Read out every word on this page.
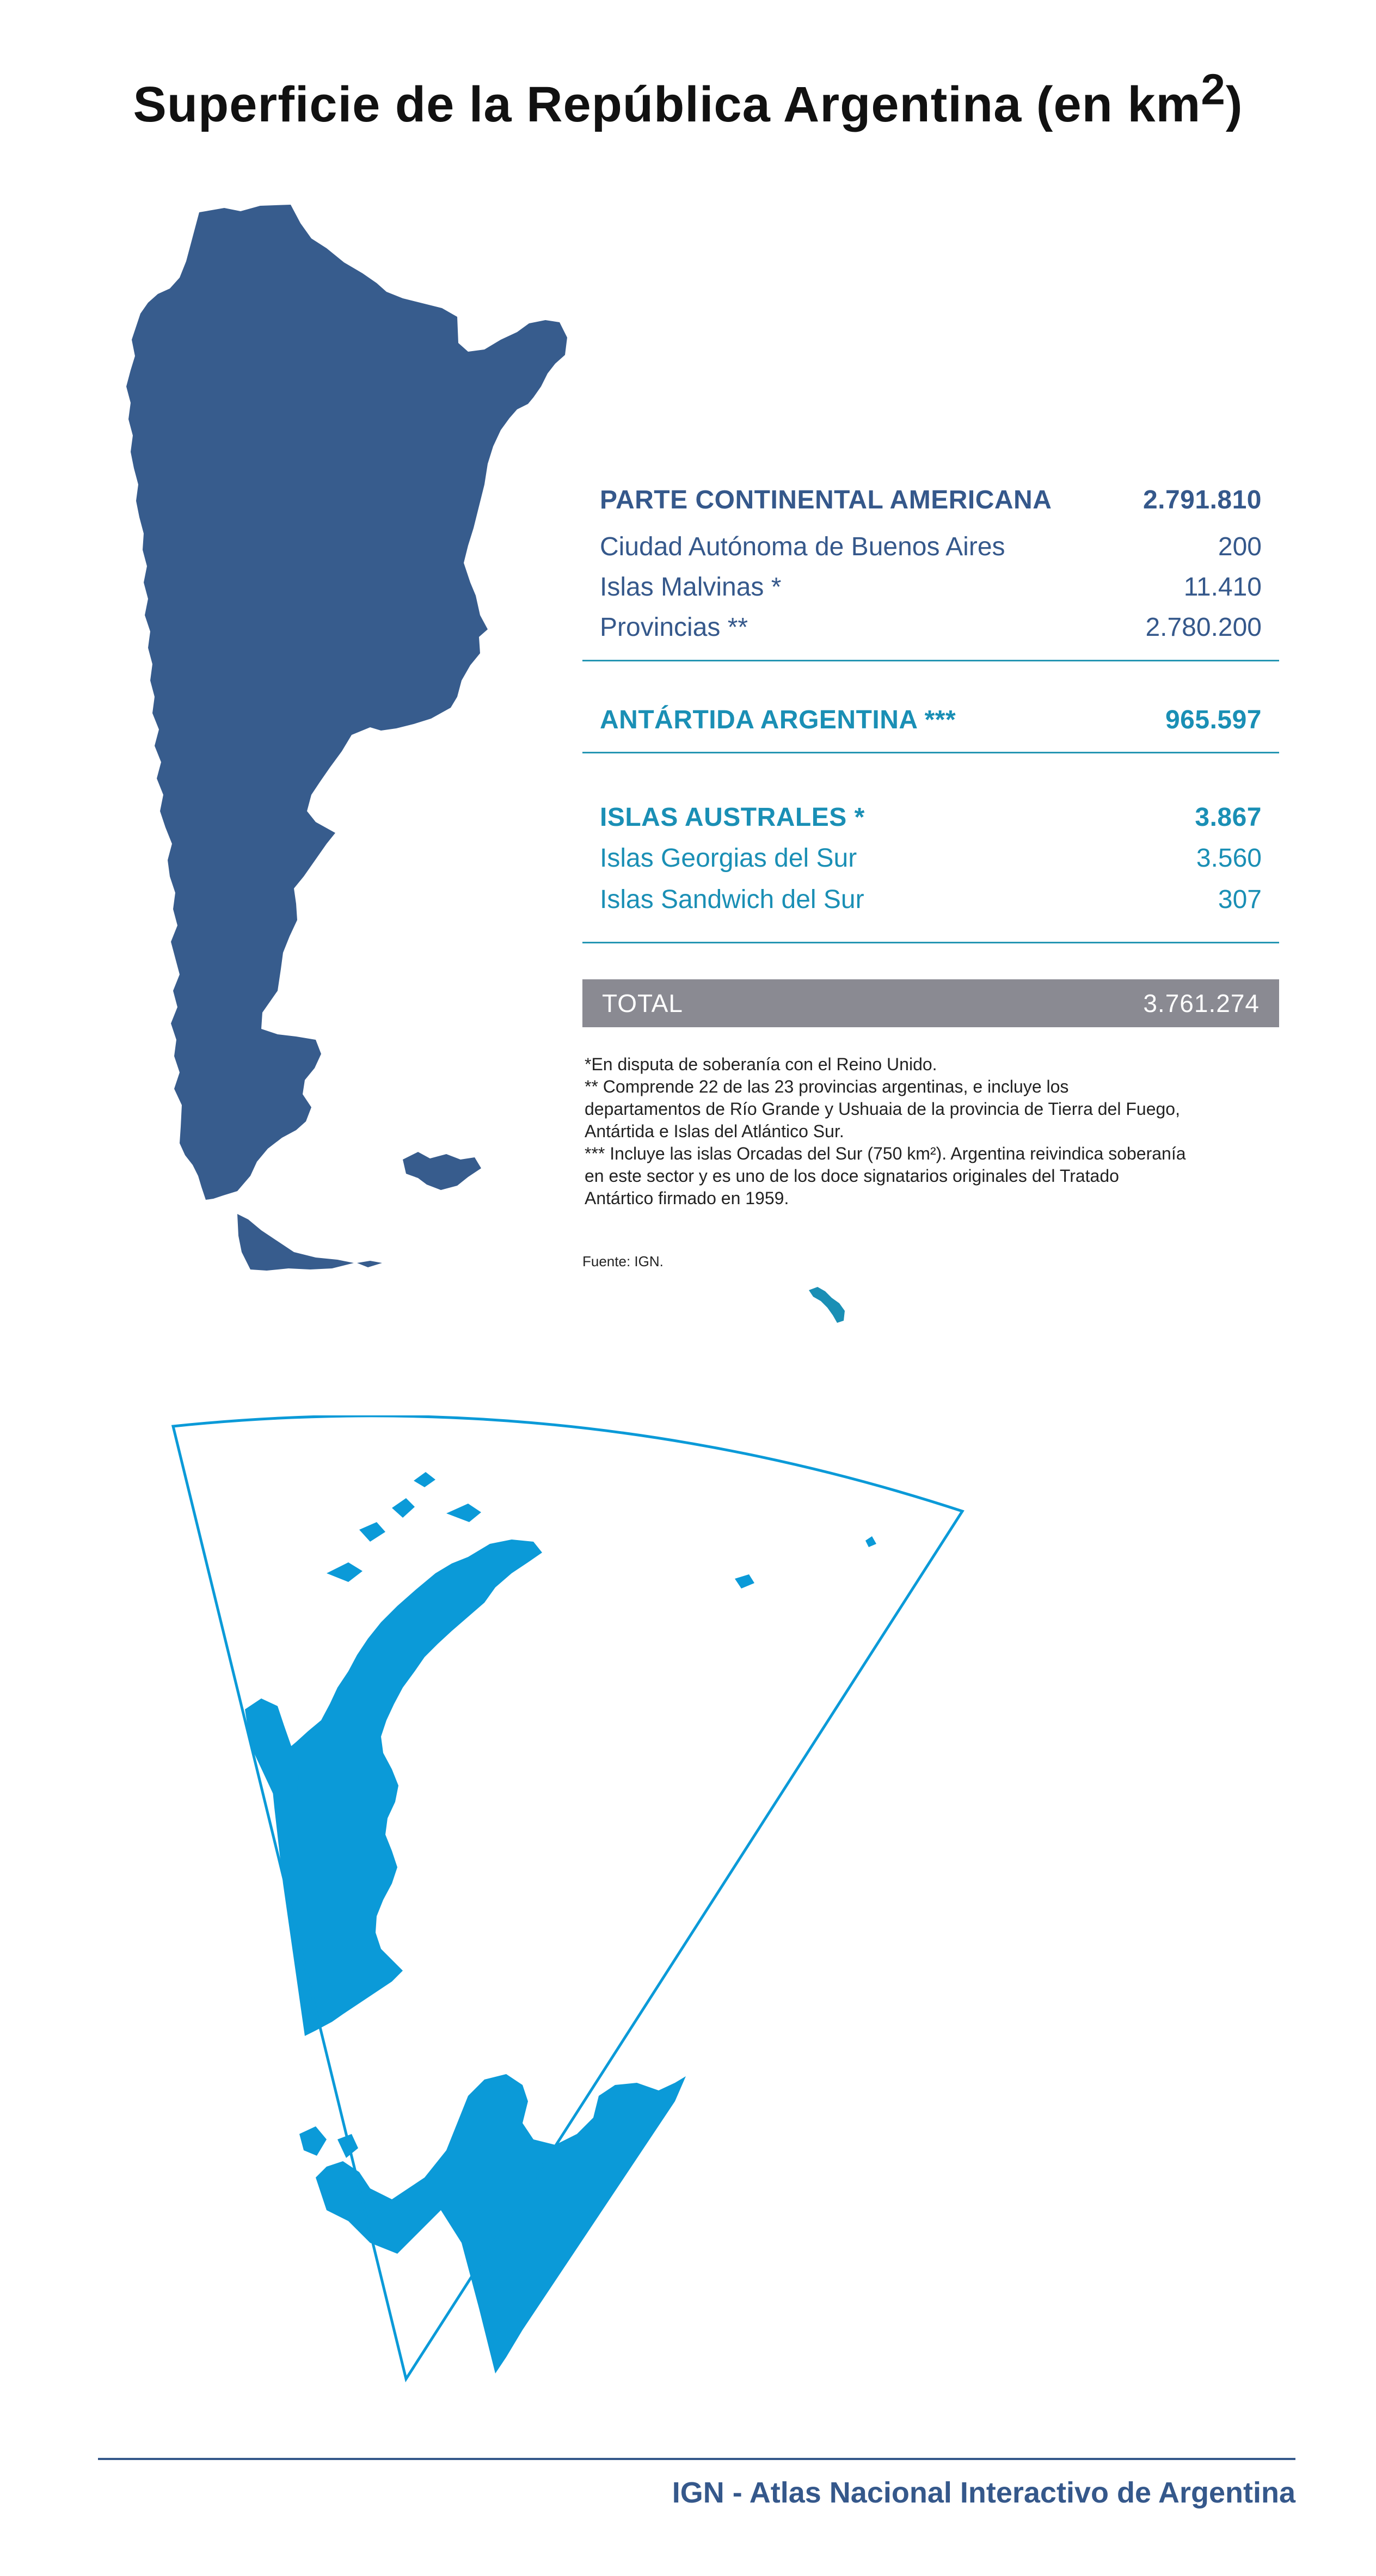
Superficie de la República Argentina (en $km^2$)
PARTE CONTINENTAL AMERICANA	2.791.810
Ciudad Autónoma de Buenos Aires	200
Islas Malvinas *	11.410
Provincias **	2.780.200
ANTÁRTIDA ARGENTINA ***	965.597
ISLAS AUSTRALES *	3.867
Islas Georgias del Sur	3.560
Islas Sandwich del Sur	307
TOTAL	3.761.274
*En disputa de soberanía con el Reino Unido.
** Comprende 22 de las 23 provincias argentinas, e incluye los
departamentos de Río Grande y Ushuaia de la provincia de Tierra del Fuego,
Antártida e Islas del Atlántico Sur.
*** Incluye las islas Orcadas del Sur (750 km²). Argentina reivindica soberanía
en este sector y es uno de los doce signatarios originales del Tratado
Antártico firmado en 1959.
Fuente: IGN.
IGN - Atlas Nacional Interactivo de Argentina
